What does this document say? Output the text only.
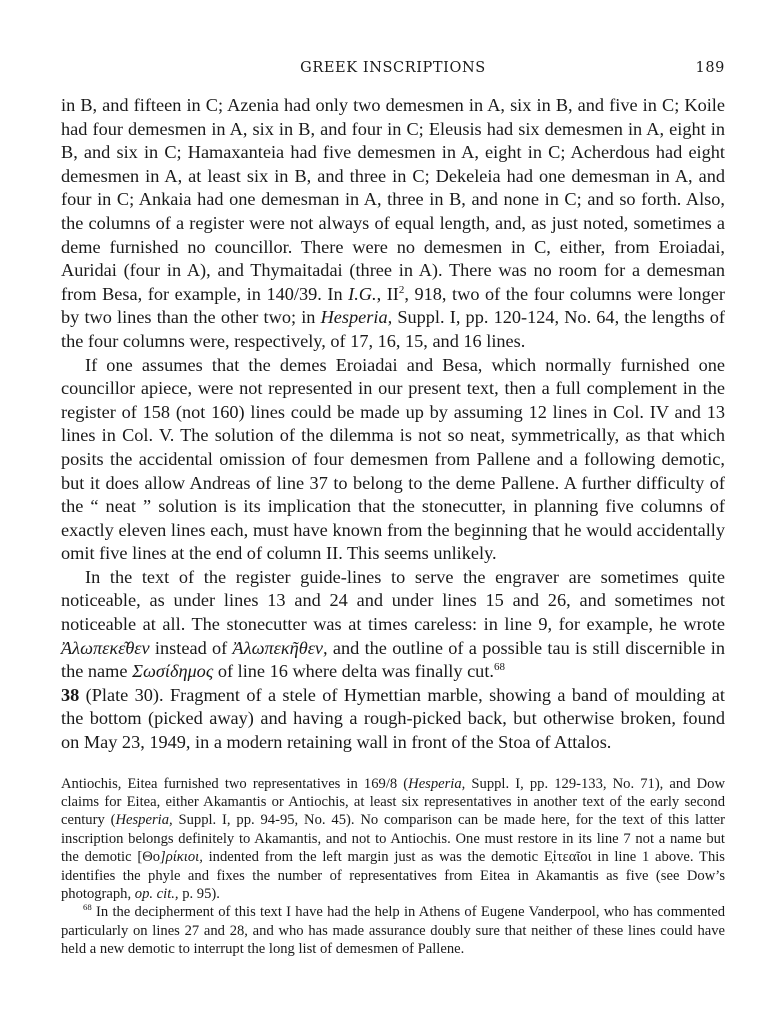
GREEK INSCRIPTIONS	189

in B, and fifteen in C; Azenia had only two demesmen in A, six in B, and five in C; Koile had four demesmen in A, six in B, and four in C; Eleusis had six demesmen in A, eight in B, and six in C; Hamaxanteia had five demesmen in A, eight in C; Acherdous had eight demesmen in A, at least six in B, and three in C; Dekeleia had one demesman in A, and four in C; Ankaia had one demesman in A, three in B, and none in C; and so forth. Also, the columns of a register were not always of equal length, and, as just noted, sometimes a deme furnished no councillor. There were no demesmen in C, either, from Eroiadai, Auridai (four in A), and Thymaitadai (three in A). There was no room for a demesman from Besa, for example, in 140/39. In I.G., $II^2$, 918, two of the four columns were longer by two lines than the other two; in Hesperia, Suppl. I, pp. 120-124, No. 64, the lengths of the four columns were, respectively, of 17, 16, 15, and 16 lines.

If one assumes that the demes Eroiadai and Besa, which normally furnished one councillor apiece, were not represented in our present text, then a full complement in the register of 158 (not 160) lines could be made up by assuming 12 lines in Col. IV and 13 lines in Col. V. The solution of the dilemma is not so neat, symmetrically, as that which posits the accidental omission of four demesmen from Pallene and a following demotic, but it does allow Andreas of line 37 to belong to the deme Pallene. A further difficulty of the “ neat ” solution is its implication that the stonecutter, in planning five columns of exactly eleven lines each, must have known from the beginning that he would accidentally omit five lines at the end of column II. This seems unlikely.

In the text of the register guide-lines to serve the engraver are sometimes quite noticeable, as under lines 13 and 24 and under lines 15 and 26, and sometimes not noticeable at all. The stonecutter was at times careless: in line 9, for example, he wrote Ἀλωπεκε͂θεν instead of Ἀλωπεκῆθεν, and the outline of a possible tau is still discernible in the name Σωσίδημος of line 16 where delta was finally cut.$^{68}$

38 (Plate 30). Fragment of a stele of Hymettian marble, showing a band of moulding at the bottom (picked away) and having a rough-picked back, but otherwise broken, found on May 23, 1949, in a modern retaining wall in front of the Stoa of Attalos.

Antiochis, Eitea furnished two representatives in 169/8 (Hesperia, Suppl. I, pp. 129-133, No. 71), and Dow claims for Eitea, either Akamantis or Antiochis, at least six representatives in another text of the early second century (Hesperia, Suppl. I, pp. 94-95, No. 45). No comparison can be made here, for the text of this latter inscription belongs definitely to Akamantis, and not to Antiochis. One must restore in its line 7 not a name but the demotic [Θο]ρίκιοι, indented from the left margin just as was the demotic Ε̣ἰτεαῖοι in line 1 above. This identifies the phyle and fixes the number of representatives from Eitea in Akamantis as five (see Dow’s photograph, op. cit., p. 95).

$^{68}$ In the decipherment of this text I have had the help in Athens of Eugene Vanderpool, who has commented particularly on lines 27 and 28, and who has made assurance doubly sure that neither of these lines could have held a new demotic to interrupt the long list of demesmen of Pallene.
